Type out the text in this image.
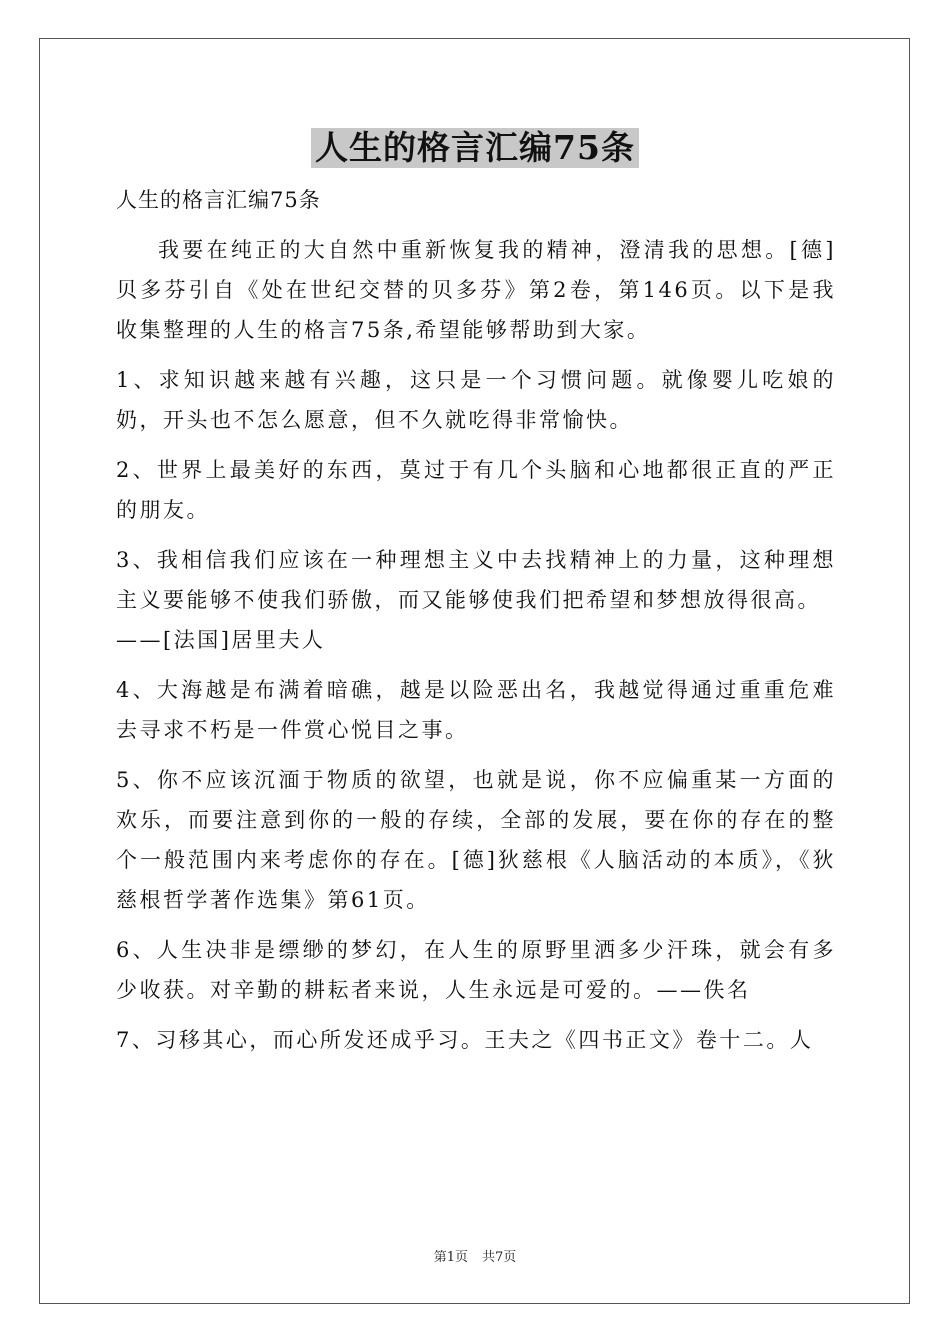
人生的格言汇编75条

人生的格言汇编75条

我要在纯正的大自然中重新恢复我的精神，澄清我的思想。[德]贝多芬引自《处在世纪交替的贝多芬》第2卷，第146页。以下是我收集整理的人生的格言75条,希望能够帮助到大家。

1、求知识越来越有兴趣，这只是一个习惯问题。就像婴儿吃娘的奶，开头也不怎么愿意，但不久就吃得非常愉快。

2、世界上最美好的东西，莫过于有几个头脑和心地都很正直的严正的朋友。

3、我相信我们应该在一种理想主义中去找精神上的力量，这种理想主义要能够不使我们骄傲，而又能够使我们把希望和梦想放得很高。

——[法国]居里夫人

4、大海越是布满着暗礁，越是以险恶出名，我越觉得通过重重危难去寻求不朽是一件赏心悦目之事。

5、你不应该沉湎于物质的欲望，也就是说，你不应偏重某一方面的欢乐，而要注意到你的一般的存续，全部的发展，要在你的存在的整个一般范围内来考虑你的存在。[德]狄慈根《人脑活动的本质》，《狄慈根哲学著作选集》第61页。

6、人生决非是缥缈的梦幻，在人生的原野里洒多少汗珠，就会有多少收获。对辛勤的耕耘者来说，人生永远是可爱的。——佚名

7、习移其心，而心所发还成乎习。王夫之《四书正文》卷十二。人

第1页 共7页
